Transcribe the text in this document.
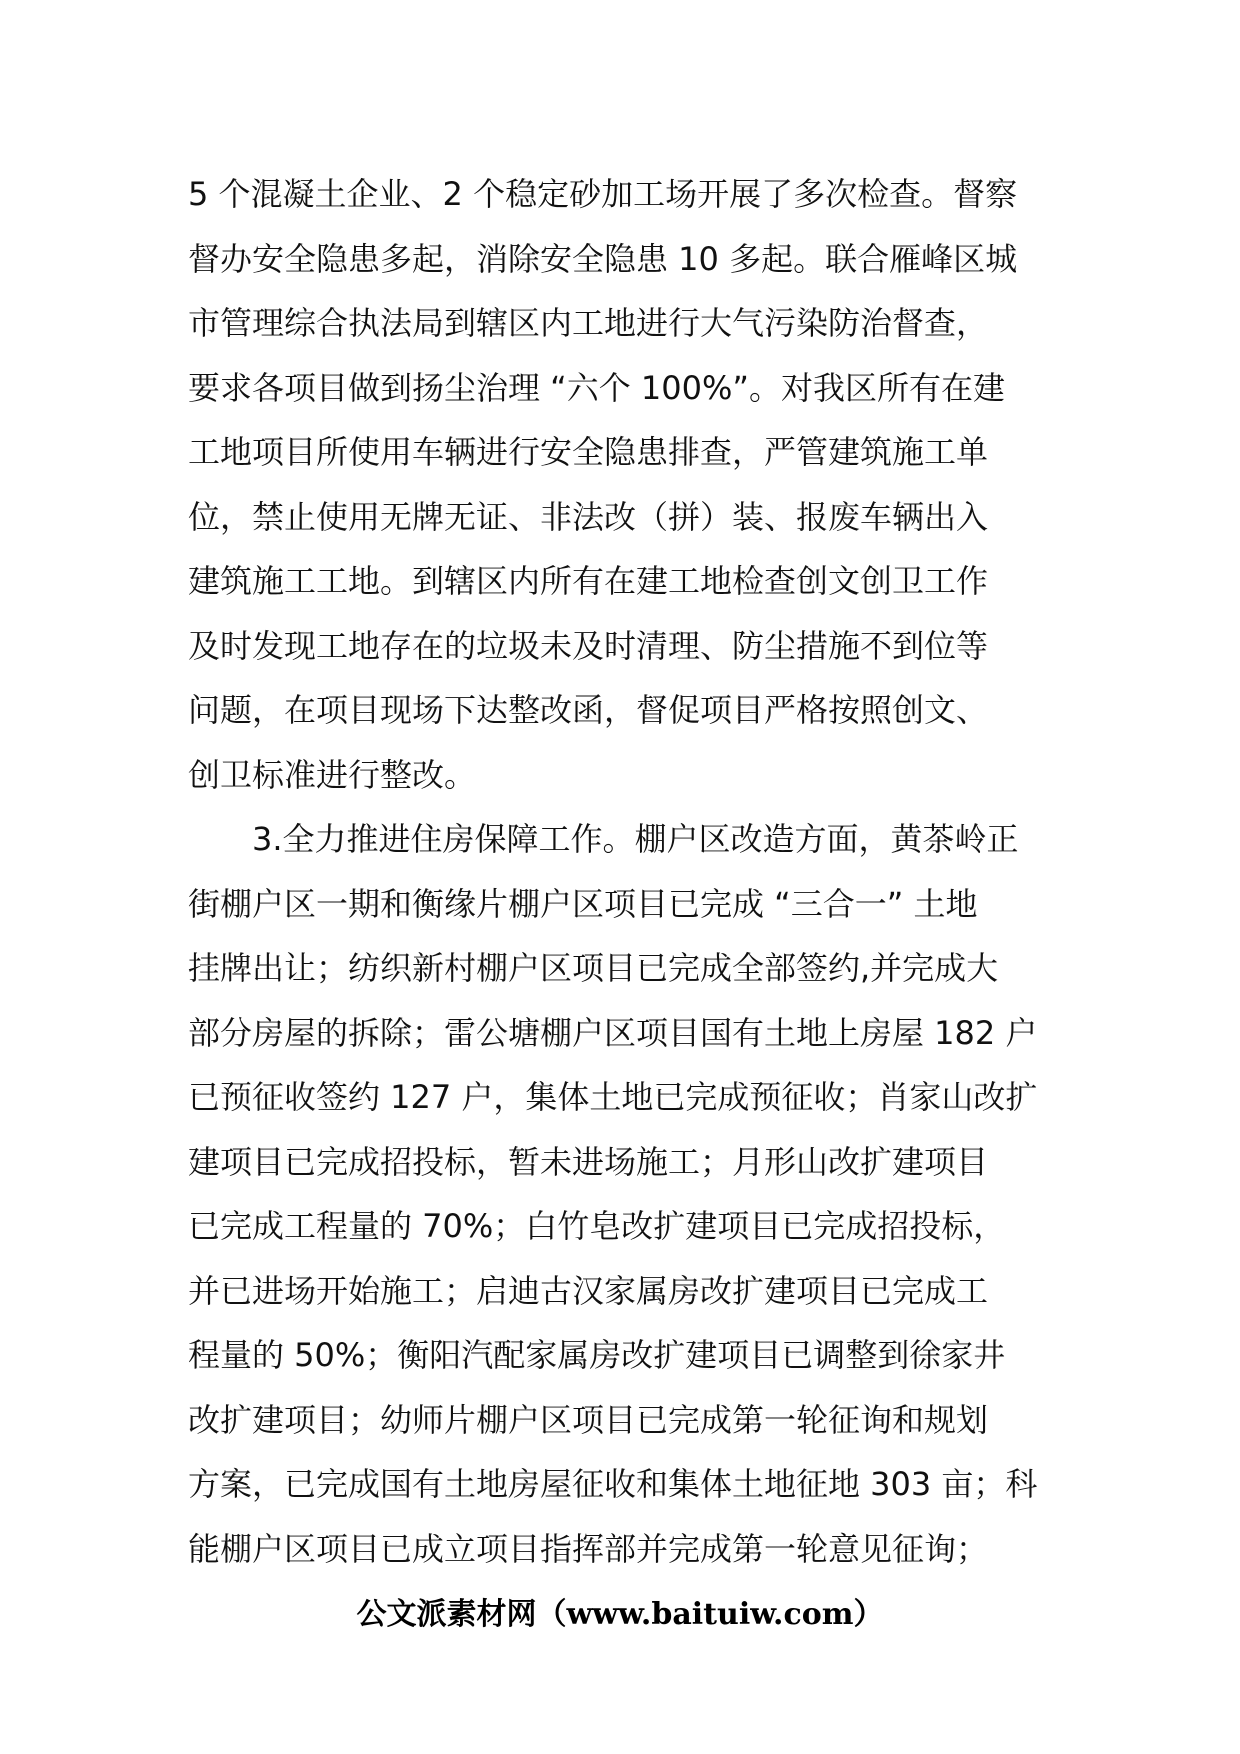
5 个混凝土企业、2 个稳定砂加工场开展了多次检查。督察
督办安全隐患多起，消除安全隐患 10 多起。联合雁峰区城
市管理综合执法局到辖区内工地进行大气污染防治督查，
要求各项目做到扬尘治理 “六个 100%”。对我区所有在建
工地项目所使用车辆进行安全隐患排查，严管建筑施工单
位，禁止使用无牌无证、非法改（拼）装、报废车辆出入
建筑施工工地。到辖区内所有在建工地检查创文创卫工作
及时发现工地存在的垃圾未及时清理、防尘措施不到位等
问题，在项目现场下达整改函，督促项目严格按照创文、
创卫标准进行整改。
3.全力推进住房保障工作。棚户区改造方面，黄茶岭正
街棚户区一期和衡缘片棚户区项目已完成 “三合一” 土地
挂牌出让；纺织新村棚户区项目已完成全部签约,并完成大
部分房屋的拆除；雷公塘棚户区项目国有土地上房屋 182 户
已预征收签约 127 户，集体土地已完成预征收；肖家山改扩
建项目已完成招投标，暂未进场施工；月形山改扩建项目
已完成工程量的 70%；白竹皂改扩建项目已完成招投标，
并已进场开始施工；启迪古汉家属房改扩建项目已完成工
程量的 50%；衡阳汽配家属房改扩建项目已调整到徐家井
改扩建项目；幼师片棚户区项目已完成第一轮征询和规划
方案，已完成国有土地房屋征收和集体土地征地 303 亩；科
能棚户区项目已成立项目指挥部并完成第一轮意见征询；
公文派素材网（www.baituiw.com）
